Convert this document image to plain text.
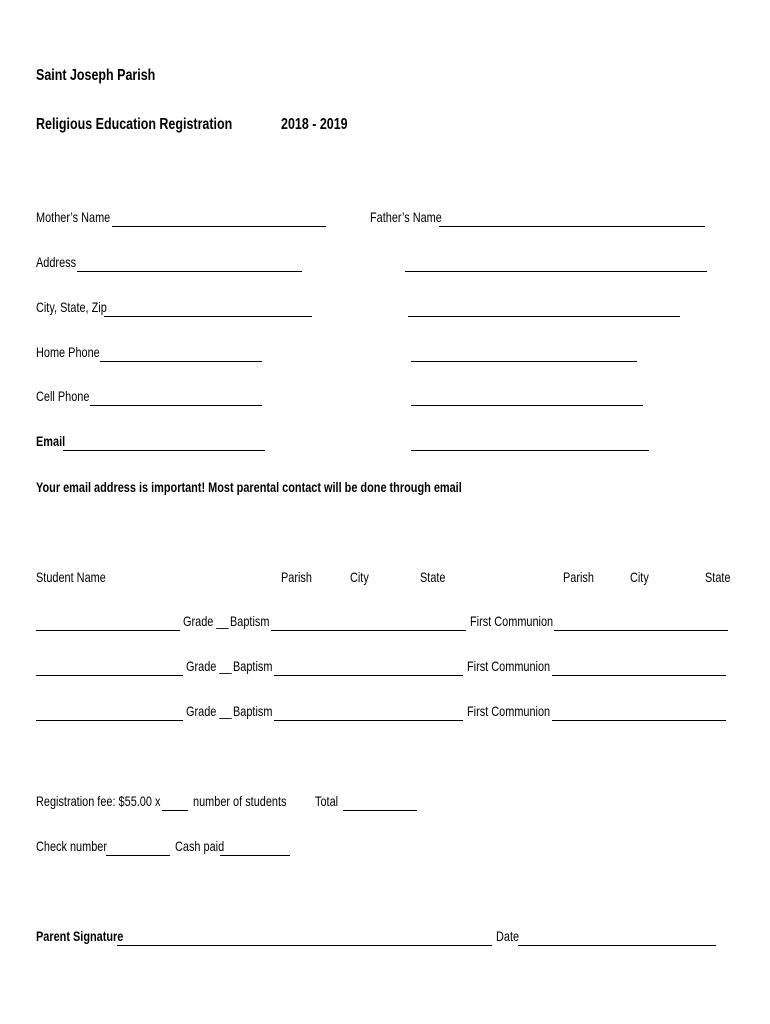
Saint Joseph Parish
Religious Education Registration	2018 - 2019
Mother’s Name	Father’s Name
Address
City, State, Zip
Home Phone
Cell Phone
Email
Your email address is important! Most parental contact will be done through email
Student Name	Parish	City	State	Parish	City	State
Grade __ Baptism	First Communion
Grade __ Baptism	First Communion
Grade __ Baptism	First Communion
Registration fee: $55.00 x number of students Total
Check number	Cash paid
Parent Signature	Date
